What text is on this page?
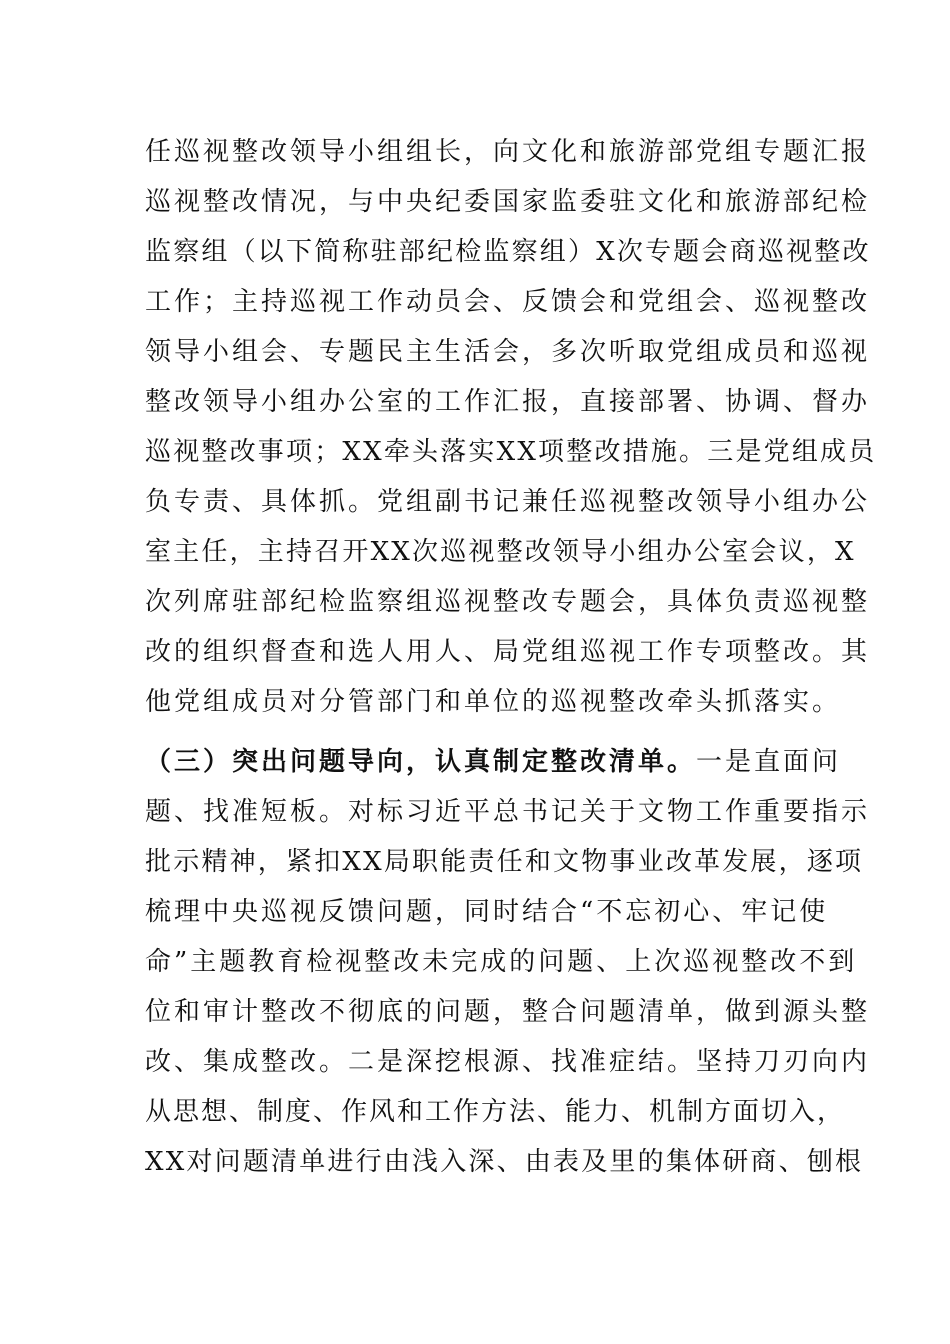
任巡视整改领导小组组长，向文化和旅游部党组专题汇报
巡视整改情况，与中央纪委国家监委驻文化和旅游部纪检
监察组（以下简称驻部纪检监察组）X次专题会商巡视整改
工作；主持巡视工作动员会、反馈会和党组会、巡视整改
领导小组会、专题民主生活会，多次听取党组成员和巡视
整改领导小组办公室的工作汇报，直接部署、协调、督办
巡视整改事项；XX牵头落实XX项整改措施。三是党组成员
负专责、具体抓。党组副书记兼任巡视整改领导小组办公
室主任，主持召开XX次巡视整改领导小组办公室会议，X
次列席驻部纪检监察组巡视整改专题会，具体负责巡视整
改的组织督查和选人用人、局党组巡视工作专项整改。其
他党组成员对分管部门和单位的巡视整改牵头抓落实。
（三）突出问题导向，认真制定整改清单。一是直面问
题、找准短板。对标习近平总书记关于文物工作重要指示
批示精神，紧扣XX局职能责任和文物事业改革发展，逐项
梳理中央巡视反馈问题，同时结合“不忘初心、牢记使
命”主题教育检视整改未完成的问题、上次巡视整改不到
位和审计整改不彻底的问题，整合问题清单，做到源头整
改、集成整改。二是深挖根源、找准症结。坚持刀刃向内
从思想、制度、作风和工作方法、能力、机制方面切入，
XX对问题清单进行由浅入深、由表及里的集体研商、刨根
